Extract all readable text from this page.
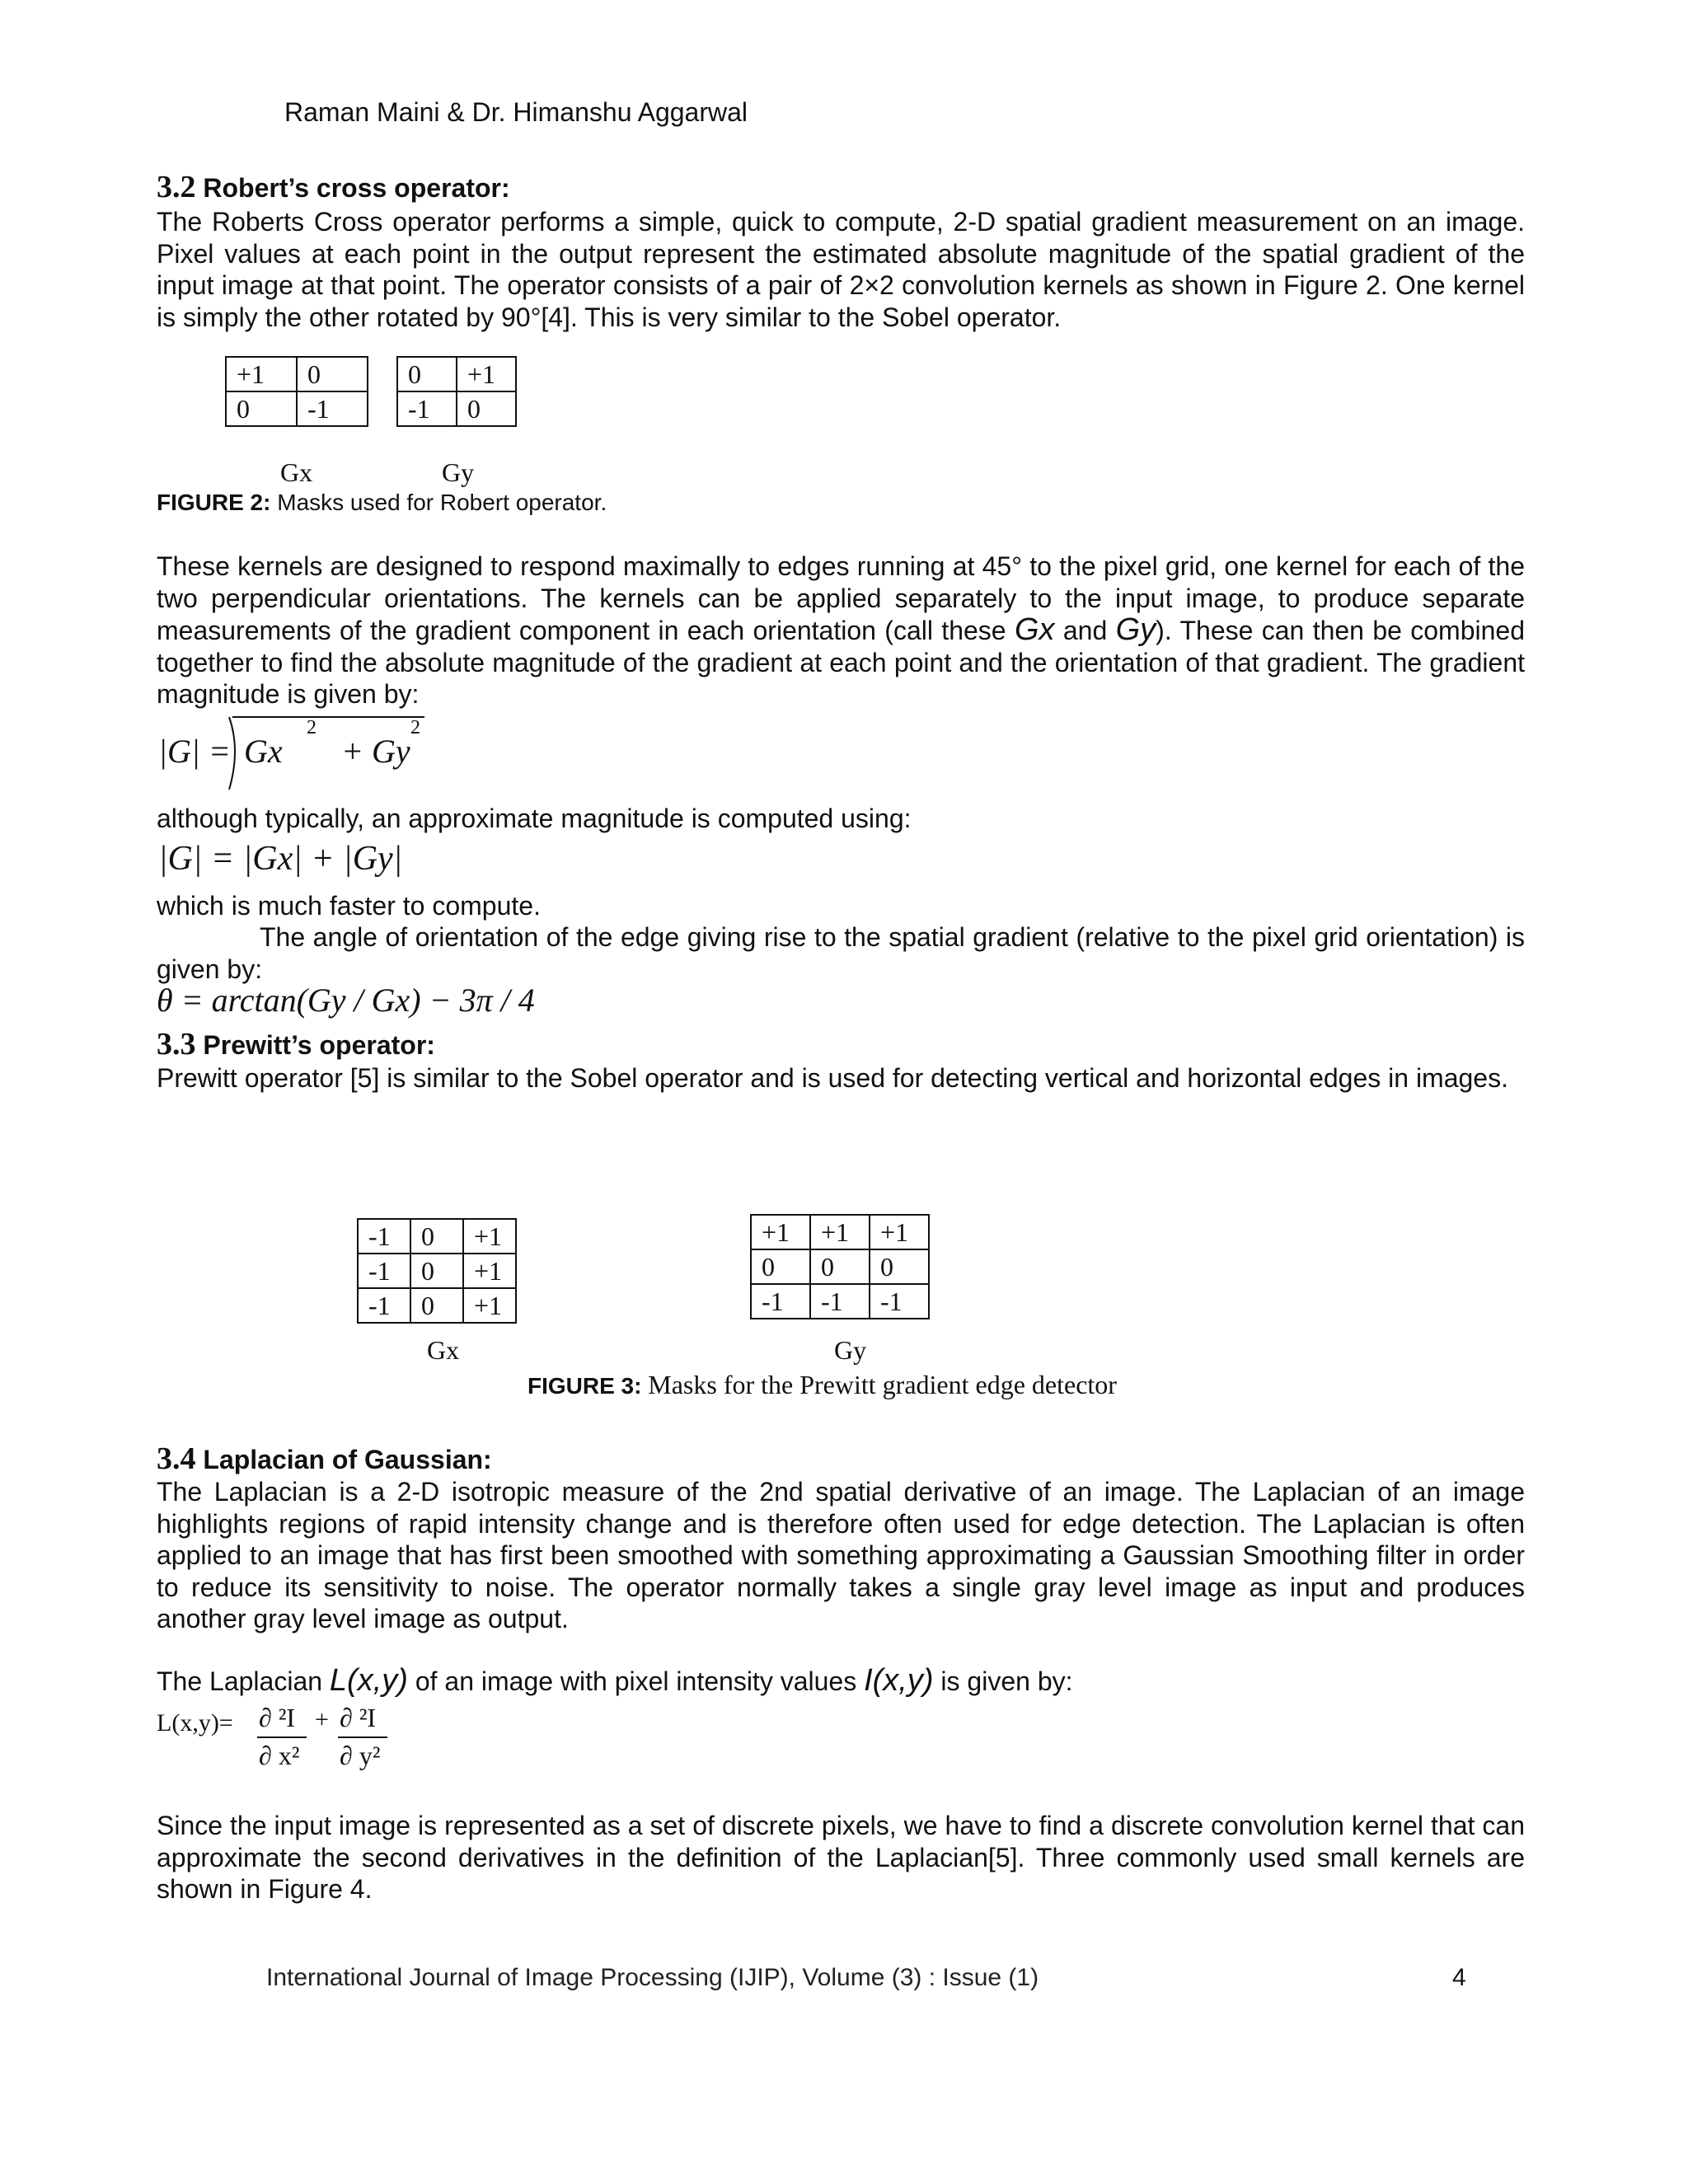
Raman Maini & Dr. Himanshu Aggarwal
3.2 Robert’s cross operator:

The Roberts Cross operator performs a simple, quick to compute, 2-D spatial gradient measurement on an image. Pixel values at each point in the output represent the estimated absolute magnitude of the spatial gradient of the input image at that point. The operator consists of a pair of 2×2 convolution kernels as shown in Figure 2. One kernel is simply the other rotated by 90°[4]. This is very similar to the Sobel operator.

+1	0
0	-1
0	+1
-1	0
Gx	Gy
FIGURE 2: Masks used for Robert operator.

These kernels are designed to respond maximally to edges running at 45° to the pixel grid, one kernel for each of the two perpendicular orientations. The kernels can be applied separately to the input image, to produce separate measurements of the gradient component in each orientation (call these Gx and Gy). These can then be combined together to find the absolute magnitude of the gradient at each point and the orientation of that gradient. The gradient magnitude is given by:

|G| = Gx
2
+ Gy
2

although typically, an approximate magnitude is computed using:

|G| = |Gx| + |Gy|

which is much faster to compute.

The angle of orientation of the edge giving rise to the spatial gradient (relative to the pixel grid orientation) is given by:

θ = arctan(Gy / Gx) − 3π / 4
3.3 Prewitt’s operator:

Prewitt operator [5] is similar to the Sobel operator and is used for detecting vertical and horizontal edges in images.

-1	0	+1
-1	0	+1
-1	0	+1
+1	+1	+1
0	0	0
-1	-1	-1
Gx	Gy
FIGURE 3: Masks for the Prewitt gradient edge detector
3.4 Laplacian of Gaussian:

The Laplacian is a 2-D isotropic measure of the 2nd spatial derivative of an image. The Laplacian of an image highlights regions of rapid intensity change and is therefore often used for edge detection. The Laplacian is often applied to an image that has first been smoothed with something approximating a Gaussian Smoothing filter in order to reduce its sensitivity to noise. The operator normally takes a single gray level image as input and produces another gray level image as output.

The Laplacian L(x,y) of an image with pixel intensity values I(x,y) is given by:

L(x,y)= ∂ ²I + ∂ ²I
∂ x² ∂ y²

Since the input image is represented as a set of discrete pixels, we have to find a discrete convolution kernel that can approximate the second derivatives in the definition of the Laplacian[5]. Three commonly used small kernels are shown in Figure 4.

International Journal of Image Processing (IJIP), Volume (3) : Issue (1)	4
